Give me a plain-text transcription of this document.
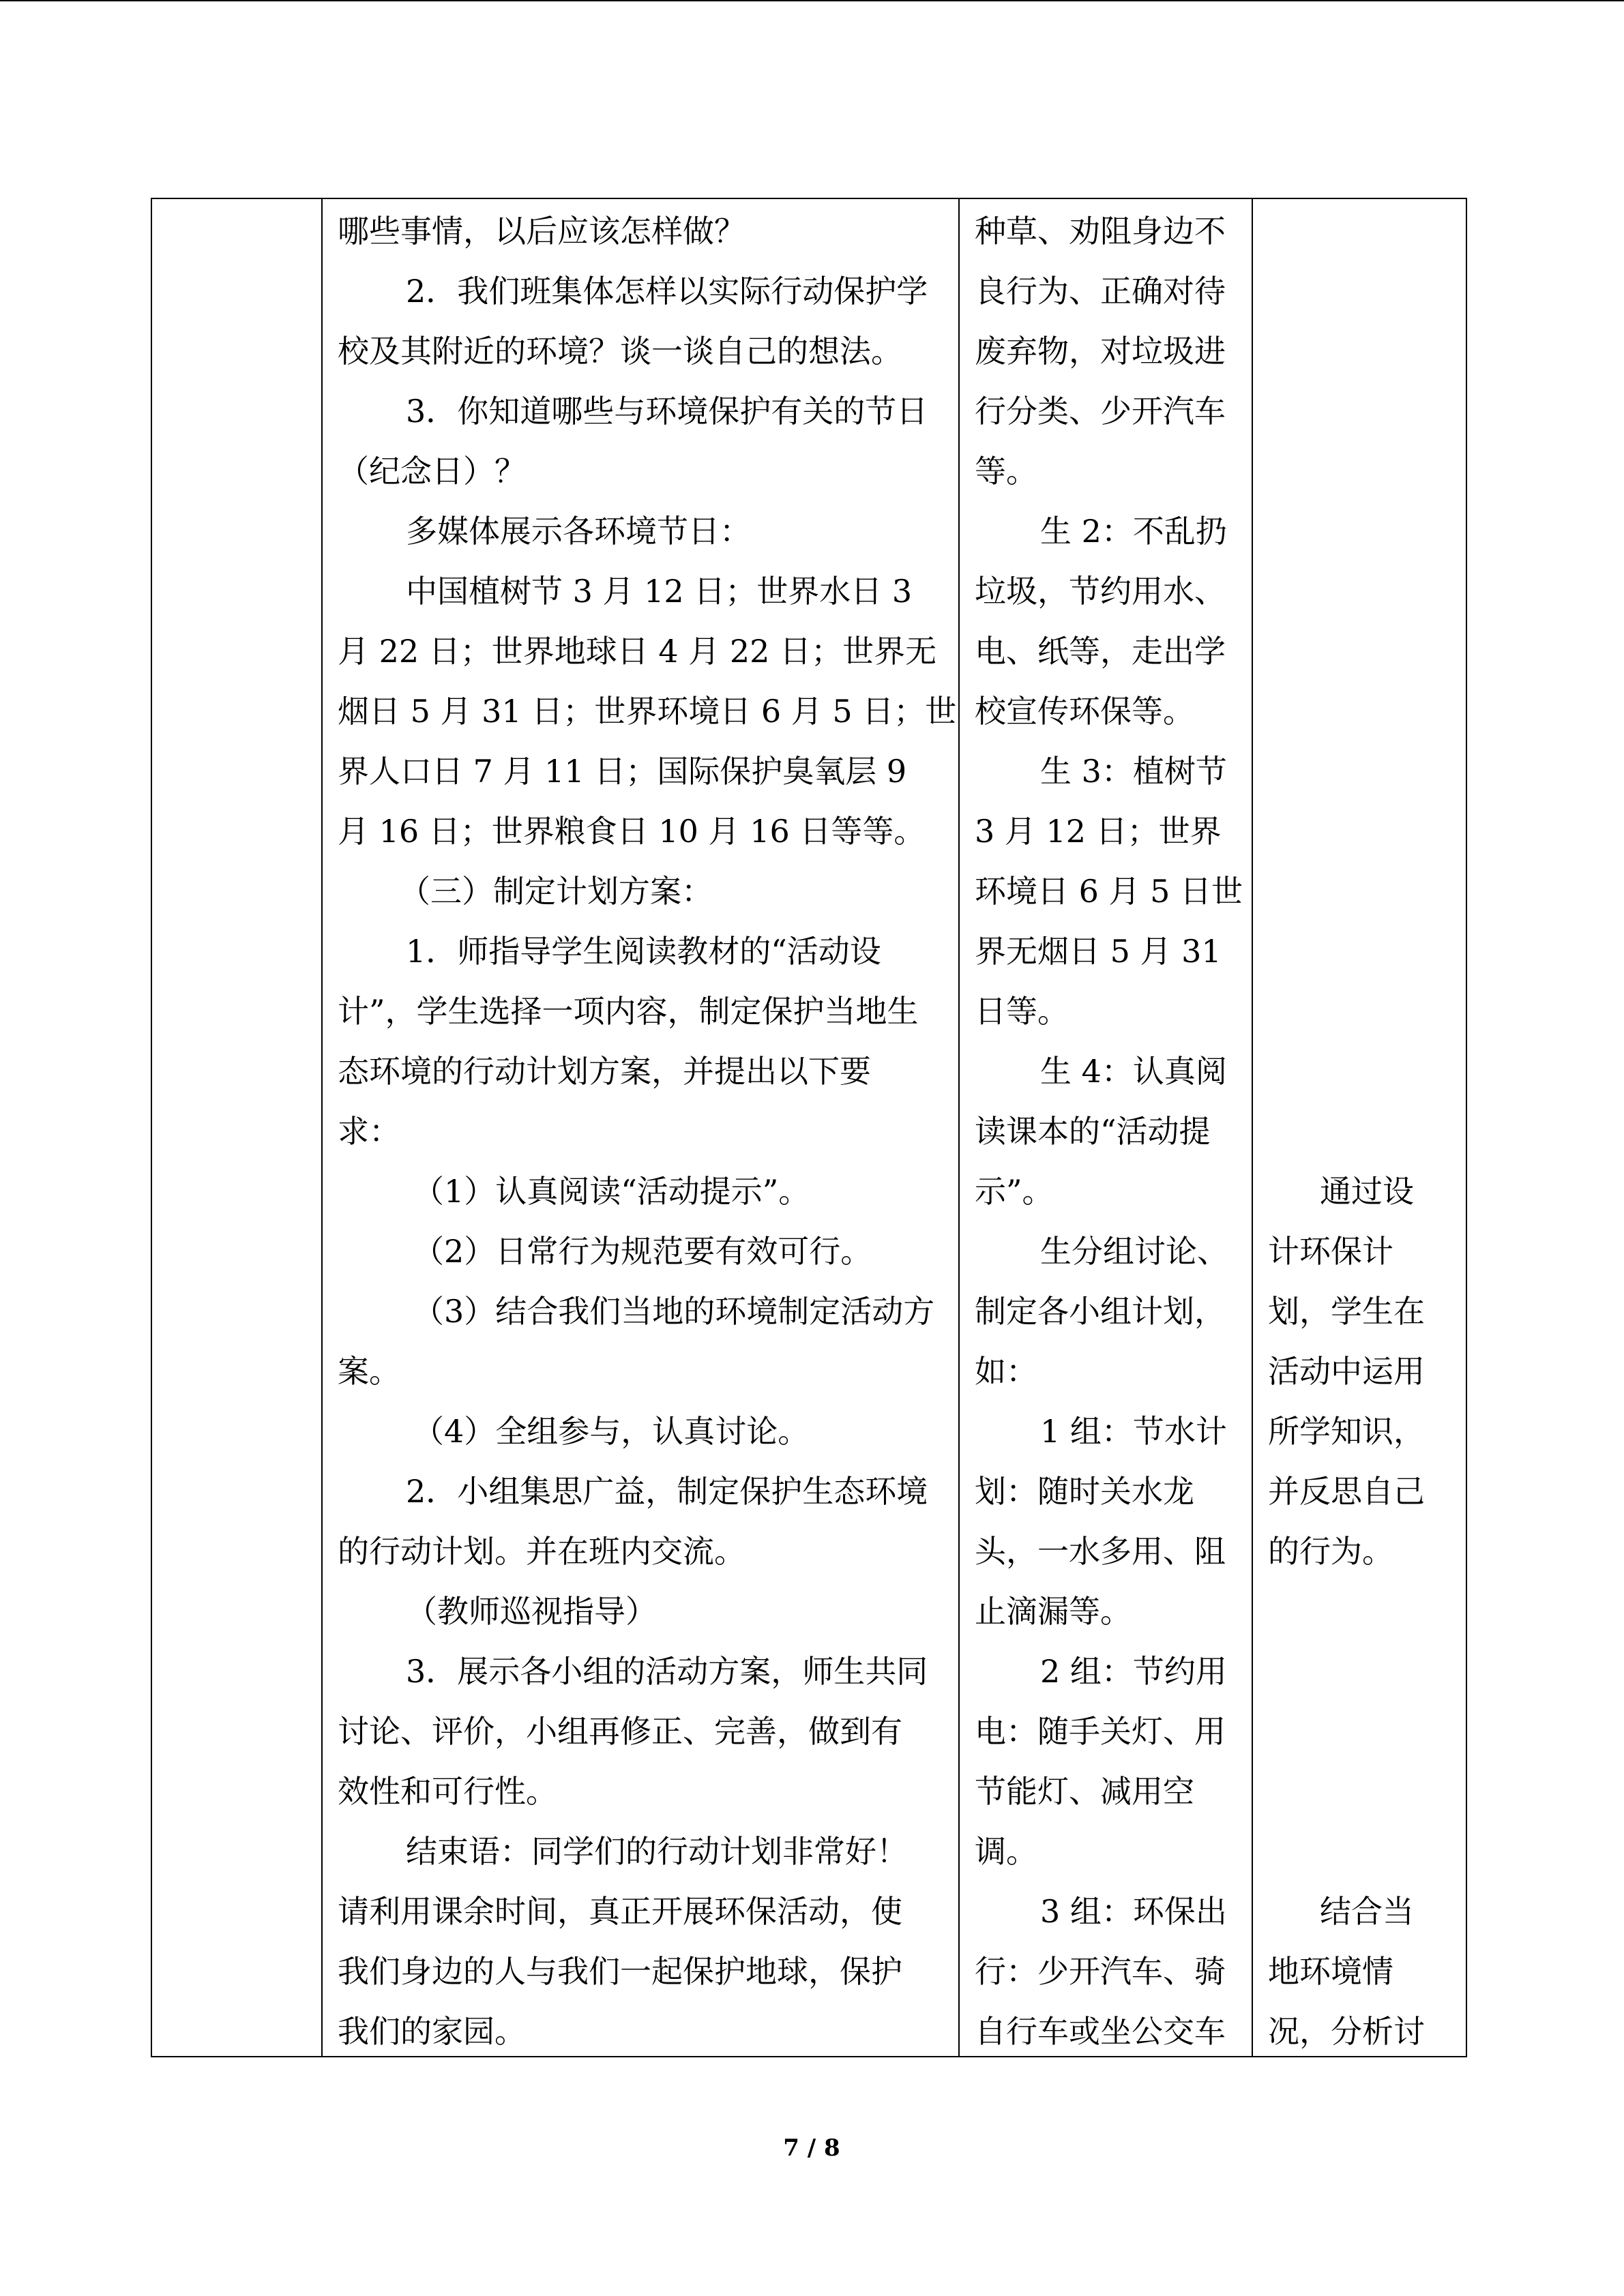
哪些事情，以后应该怎样做？

2．我们班集体怎样以实际行动保护学

校及其附近的环境？谈一谈自己的想法。

3．你知道哪些与环境保护有关的节日

（纪念日）？

多媒体展示各环境节日：

中国植树节 3 月 12 日；世界水日 3

月 22 日；世界地球日 4 月 22 日；世界无

烟日 5 月 31 日；世界环境日 6 月 5 日；世

界人口日 7 月 11 日；国际保护臭氧层 9

月 16 日；世界粮食日 10 月 16 日等等。

（三）制定计划方案：

1．师指导学生阅读教材的“活动设

计”，学生选择一项内容，制定保护当地生

态环境的行动计划方案，并提出以下要

求：

（1）认真阅读“活动提示”。

（2）日常行为规范要有效可行。

（3）结合我们当地的环境制定活动方

案。

（4）全组参与，认真讨论。

2．小组集思广益，制定保护生态环境

的行动计划。并在班内交流。

（教师巡视指导）

3．展示各小组的活动方案，师生共同

讨论、评价，小组再修正、完善，做到有

效性和可行性。

结束语：同学们的行动计划非常好！

请利用课余时间，真正开展环保活动，使

我们身边的人与我们一起保护地球，保护

我们的家园。

种草、劝阻身边不

良行为、正确对待

废弃物，对垃圾进

行分类、少开汽车

等。

生 2：不乱扔

垃圾，节约用水、

电、纸等，走出学

校宣传环保等。

生 3：植树节

3 月 12 日；世界

环境日 6 月 5 日世

界无烟日 5 月 31

日等。

生 4：认真阅

读课本的“活动提

示”。

生分组讨论、

制定各小组计划，

如：

1 组：节水计

划：随时关水龙

头，一水多用、阻

止滴漏等。

2 组：节约用

电：随手关灯、用

节能灯、减用空

调。

3 组：环保出

行：少开汽车、骑

自行车或坐公交车

通过设

计环保计

划，学生在

活动中运用

所学知识，

并反思自己

的行为。

结合当

地环境情

况，分析讨

7 / 8
